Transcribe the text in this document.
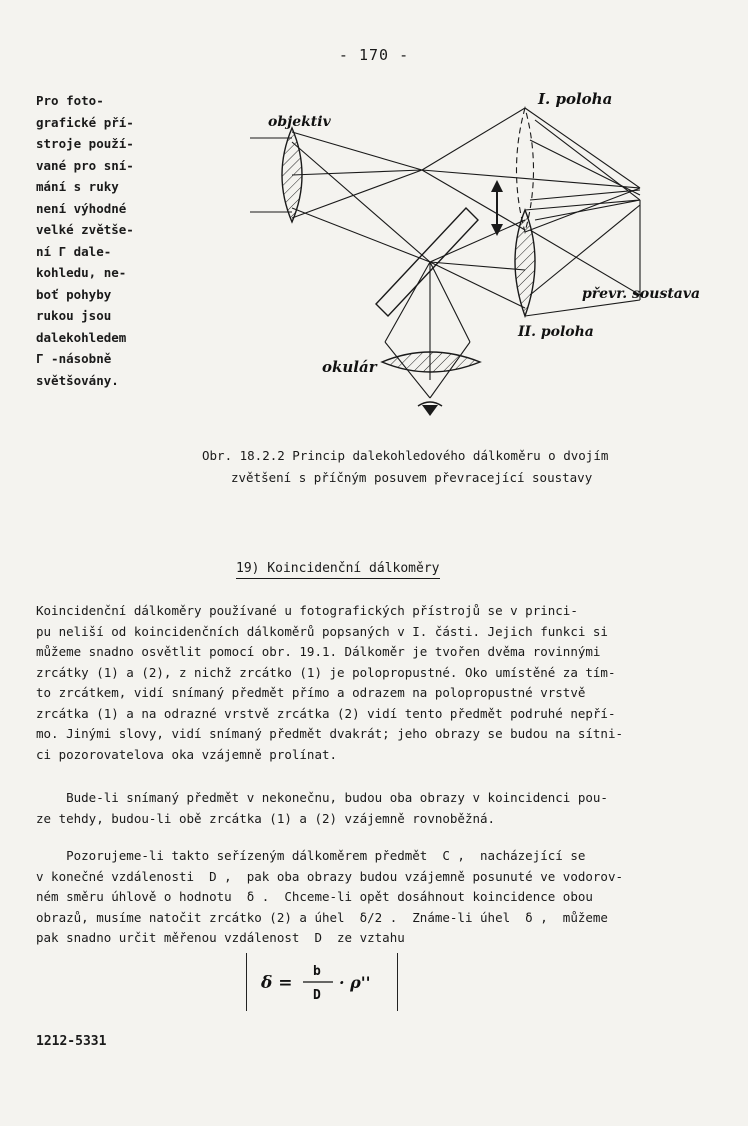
- 170 -
Pro foto-
grafické pří-
stroje použí-
vané pro sní-
mání s ruky
není výhodné
velké zvětše-
ní Γ dale-
kohledu, ne-
boť pohyby
rukou jsou
dalekohledem
Γ -násobně
světšovány.
objektiv
I. poloha
převr. soustava
II. poloha
okulár
Obr. 18.2.2 Princip dalekohledového dálkoměru o dvojím
zvětšení s příčným posuvem převracející soustavy
19) Koincidenční dálkoměry
Koincidenční dálkoměry používané u fotografických přístrojů se v princi-
pu neliší od koincidenčních dálkoměrů popsaných v I. části. Jejich funkci si
můžeme snadno osvětlit pomocí obr. 19.1. Dálkoměr je tvořen dvěma rovinnými
zrcátky (1) a (2), z nichž zrcátko (1) je polopropustné. Oko umístěné za tím-
to zrcátkem, vidí snímaný předmět přímo a odrazem na polopropustné vrstvě
zrcátka (1) a na odrazné vrstvě zrcátka (2) vidí tento předmět podruhé nepří-
mo. Jinými slovy, vidí snímaný předmět dvakrát; jeho obrazy se budou na sítni-
ci pozorovatelova oka vzájemně prolínat.
Bude-li snímaný předmět v nekonečnu, budou oba obrazy v koincidenci pou-
ze tehdy, budou-li obě zrcátka (1) a (2) vzájemně rovnoběžná.
Pozorujeme-li takto seřízeným dálkoměrem předmět  C ,  nacházející se
v konečné vzdálenosti  D ,  pak oba obrazy budou vzájemně posunuté ve vodorov-
ném směru úhlově o hodnotu  δ .  Chceme-li opět dosáhnout koincidence obou
obrazů, musíme natočit zrcátko (2) a úhel  δ/2 .  Známe-li úhel  δ ,  můžeme
pak snadno určit měřenou vzdálenost  D  ze vztahu
δ =
b
D
· ρ''
1212-5331
